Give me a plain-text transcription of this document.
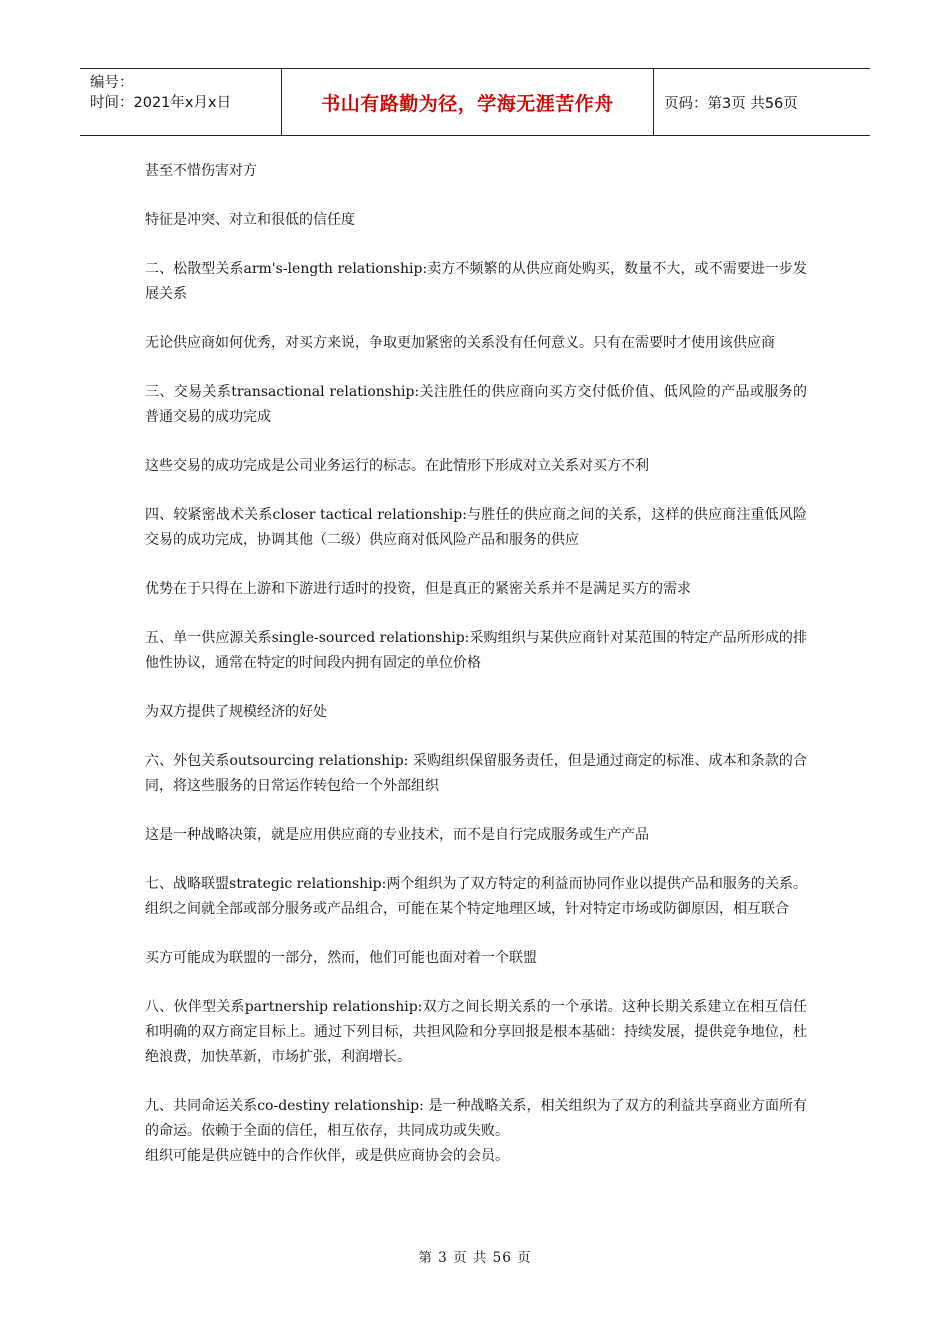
编号：
时间：2021年x月x日	书山有路勤为径，学海无涯苦作舟	页码：第3页 共56页

甚至不惜伤害对方

特征是冲突、对立和很低的信任度

二、松散型关系arm's-length relationship:卖方不频繁的从供应商处购买，数量不大，或不需要进一步发展关系

无论供应商如何优秀，对买方来说，争取更加紧密的关系没有任何意义。只有在需要时才使用该供应商

三、交易关系transactional relationship:关注胜任的供应商向买方交付低价值、低风险的产品或服务的普通交易的成功完成

这些交易的成功完成是公司业务运行的标志。在此情形下形成对立关系对买方不利

四、较紧密战术关系closer tactical relationship:与胜任的供应商之间的关系，这样的供应商注重低风险交易的成功完成，协调其他（二级）供应商对低风险产品和服务的供应

优势在于只得在上游和下游进行适时的投资，但是真正的紧密关系并不是满足买方的需求

五、单一供应源关系single-sourced relationship:采购组织与某供应商针对某范围的特定产品所形成的排他性协议，通常在特定的时间段内拥有固定的单位价格

为双方提供了规模经济的好处

六、外包关系outsourcing relationship: 采购组织保留服务责任，但是通过商定的标准、成本和条款的合同，将这些服务的日常运作转包给一个外部组织

这是一种战略决策，就是应用供应商的专业技术，而不是自行完成服务或生产产品

七、战略联盟strategic relationship:两个组织为了双方特定的利益而协同作业以提供产品和服务的关系。组织之间就全部或部分服务或产品组合，可能在某个特定地理区域，针对特定市场或防御原因，相互联合

买方可能成为联盟的一部分，然而，他们可能也面对着一个联盟

八、伙伴型关系partnership relationship:双方之间长期关系的一个承诺。这种长期关系建立在相互信任和明确的双方商定目标上。通过下列目标，共担风险和分享回报是根本基础：持续发展，提供竞争地位，杜绝浪费，加快革新，市场扩张，利润增长。

九、共同命运关系co-destiny relationship: 是一种战略关系，相关组织为了双方的利益共享商业方面所有的命运。依赖于全面的信任，相互依存，共同成功或失败。

组织可能是供应链中的合作伙伴，或是供应商协会的会员。

第 3 页 共 56 页
